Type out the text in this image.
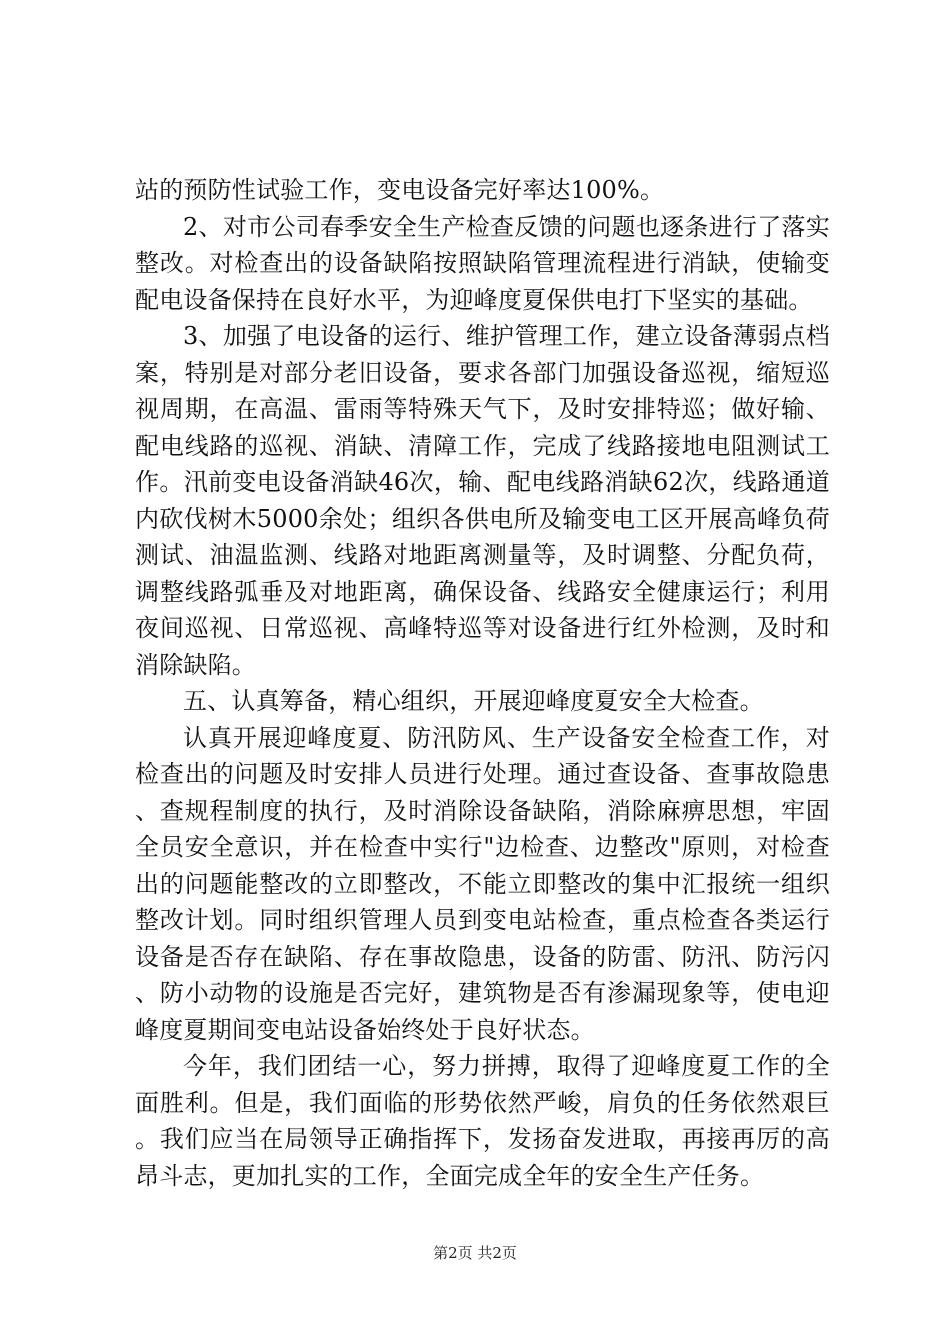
站的预防性试验工作，变电设备完好率达100%。

2、对市公司春季安全生产检查反馈的问题也逐条进行了落实整改。对检查出的设备缺陷按照缺陷管理流程进行消缺，使输变配电设备保持在良好水平，为迎峰度夏保供电打下坚实的基础。

3、加强了电设备的运行、维护管理工作，建立设备薄弱点档案，特别是对部分老旧设备，要求各部门加强设备巡视，缩短巡视周期，在高温、雷雨等特殊天气下，及时安排特巡；做好输、配电线路的巡视、消缺、清障工作，完成了线路接地电阻测试工作。汛前变电设备消缺46次，输、配电线路消缺62次，线路通道内砍伐树木5000余处；组织各供电所及输变电工区开展高峰负荷测试、油温监测、线路对地距离测量等，及时调整、分配负荷，调整线路弧垂及对地距离，确保设备、线路安全健康运行；利用夜间巡视、日常巡视、高峰特巡等对设备进行红外检测，及时和消除缺陷。

五、认真筹备，精心组织，开展迎峰度夏安全大检查。

认真开展迎峰度夏、防汛防风、生产设备安全检查工作，对检查出的问题及时安排人员进行处理。通过查设备、查事故隐患、查规程制度的执行，及时消除设备缺陷，消除麻痹思想，牢固全员安全意识，并在检查中实行"边检查、边整改"原则，对检查出的问题能整改的立即整改，不能立即整改的集中汇报统一组织整改计划。同时组织管理人员到变电站检查，重点检查各类运行设备是否存在缺陷、存在事故隐患，设备的防雷、防汛、防污闪、防小动物的设施是否完好，建筑物是否有渗漏现象等，使电迎峰度夏期间变电站设备始终处于良好状态。

今年，我们团结一心，努力拼搏，取得了迎峰度夏工作的全面胜利。但是，我们面临的形势依然严峻，肩负的任务依然艰巨。我们应当在局领导正确指挥下，发扬奋发进取，再接再厉的高昂斗志，更加扎实的工作，全面完成全年的安全生产任务。

第2页 共2页
